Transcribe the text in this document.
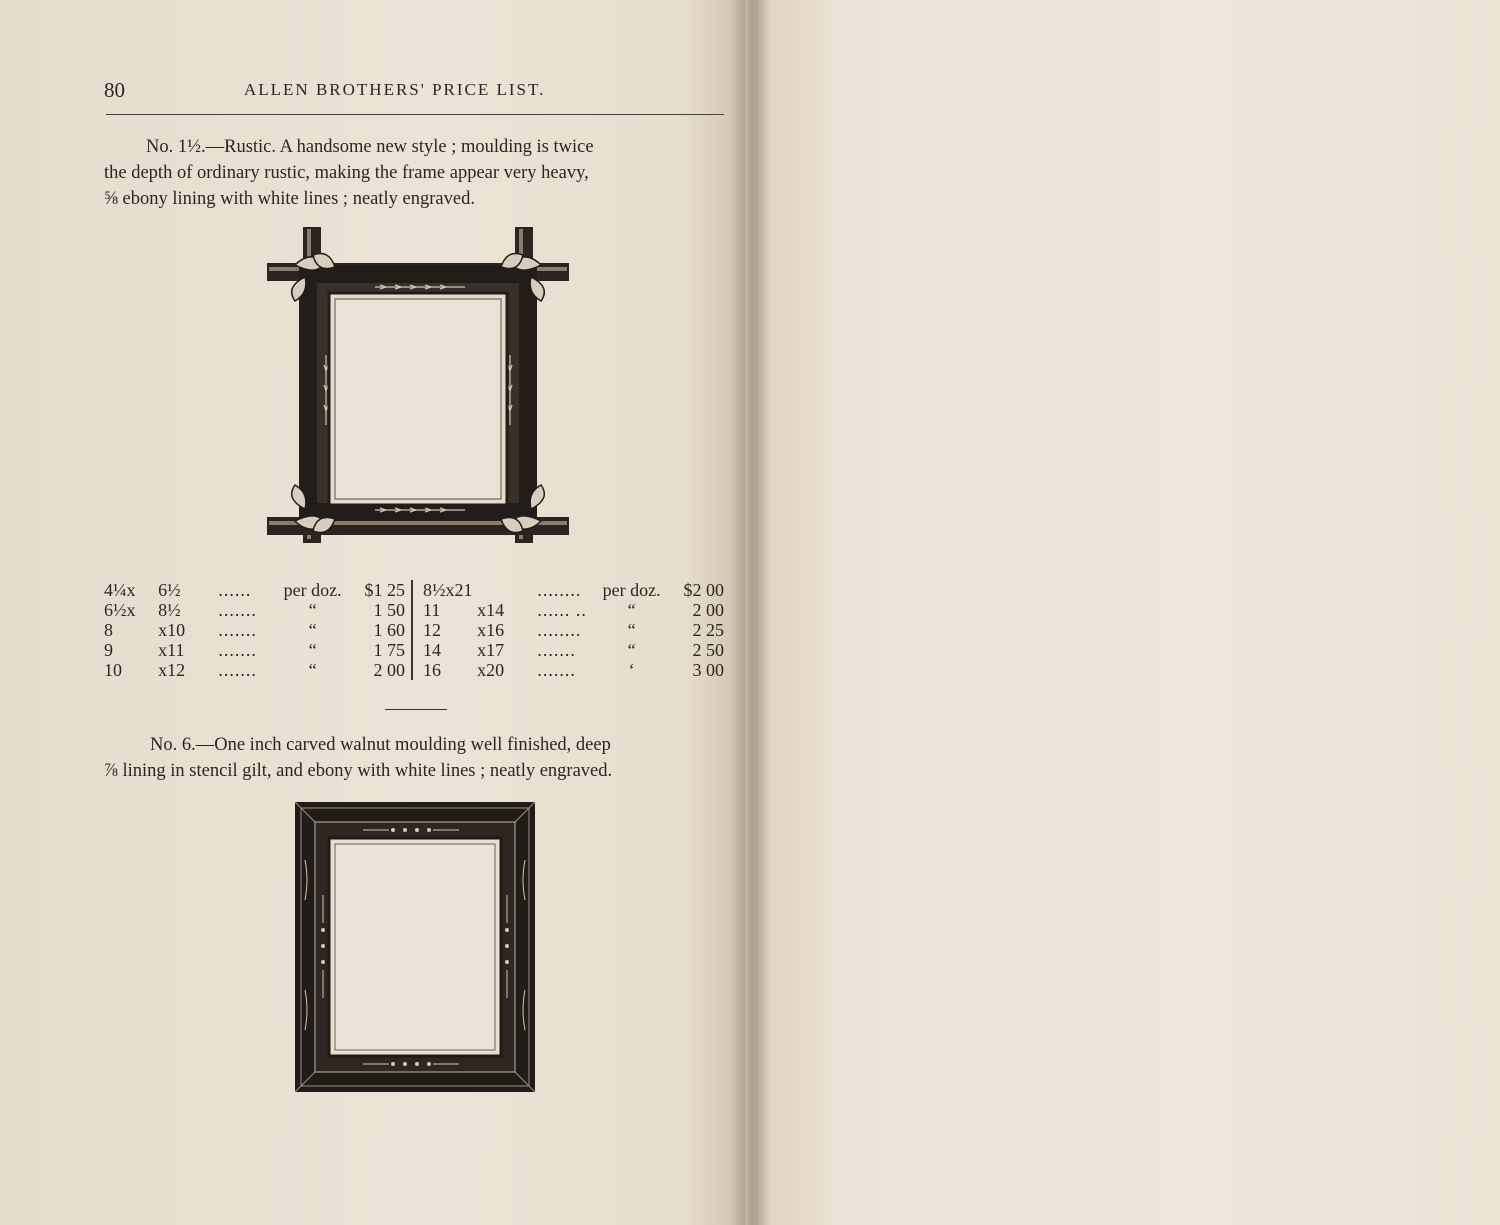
80	ALLEN BROTHERS' PRICE LIST.
No. 1½.—Rustic. A handsome new style ; moulding is twice
the depth of ordinary rustic, making the frame appear very heavy,
⅝ ebony lining with white lines ; neatly engraved.
4¼x	6½	......	per doz.	$1 25		8½x21		........	per doz.	$2 00
6½x	8½	.......	“	1 50		11	x14	...... ..	“	2 00
8	x10	.......	“	1 60		12	x16	........	“	2 25
9	x11	.......	“	1 75		14	x17	.......	“	2 50
10	x12	.......	“	2 00		16	x20	.......	‘	3 00
No. 6.—One inch carved walnut moulding well finished, deep
⅞ lining in stencil gilt, and ebony with white lines ; neatly engraved.
